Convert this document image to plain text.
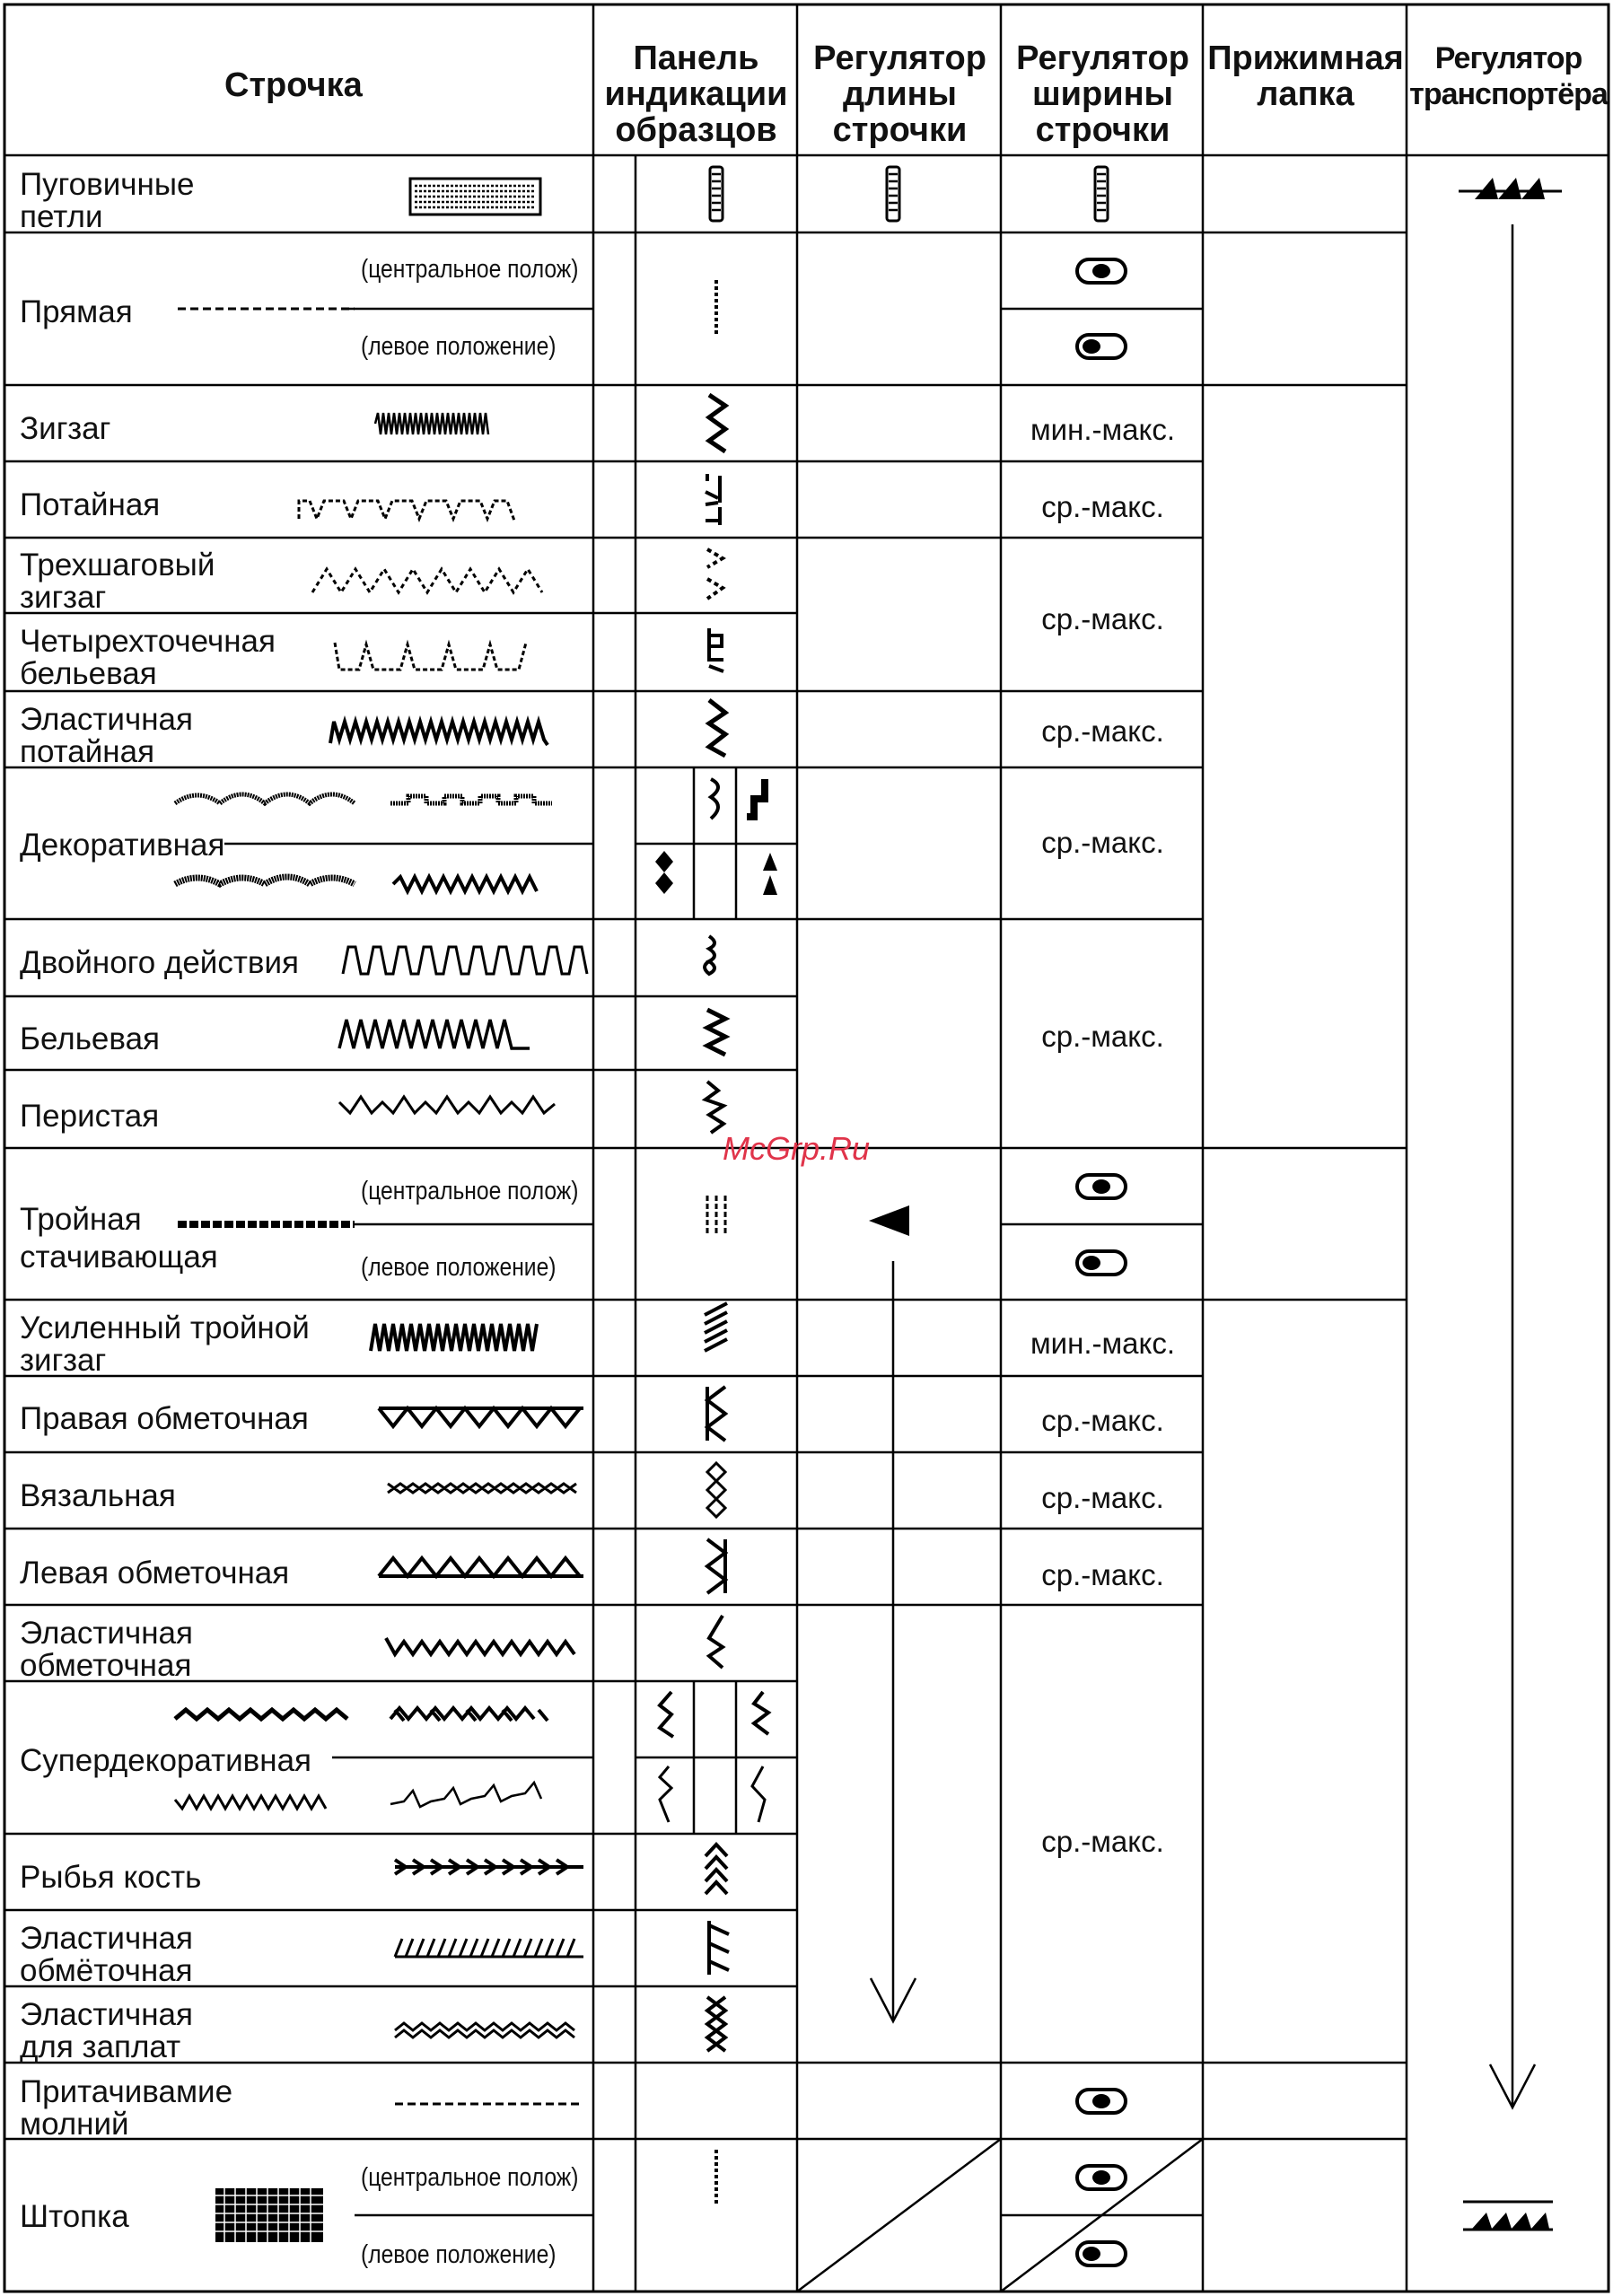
Строчка
Панель индикации образцов
Регулятор длины строчки
Регулятор ширины строчки
Прижимная лапка
Регулятор транспортёра
Пуговичные петли
Прямая
Зигзаг
Потайная
Трехшаговый зигзаг
Четырехточечная бельевая
Эластичная потайная
Декоративная
Двойного действия
Бельевая
Перистая
Тройная стачивающая
Усиленный тройной зигзаг
Правая обметочная
Вязальная
Левая обметочная
Эластичная обметочная
Супердекоративная
Рыбья кость
Эластичная обмёточная
Эластичная для заплат
Притачивамие молний
Штопка
(центральное полож)
(левое положение)
(центральное полож)
(левое положение)
(центральное полож)
(левое положение)
мин.-макс.
ср.-макс.
ср.-макс.
ср.-макс.
ср.-макс.
ср.-макс.
мин.-макс.
ср.-макс.
ср.-макс.
ср.-макс.
ср.-макс.
McGrp.Ru
